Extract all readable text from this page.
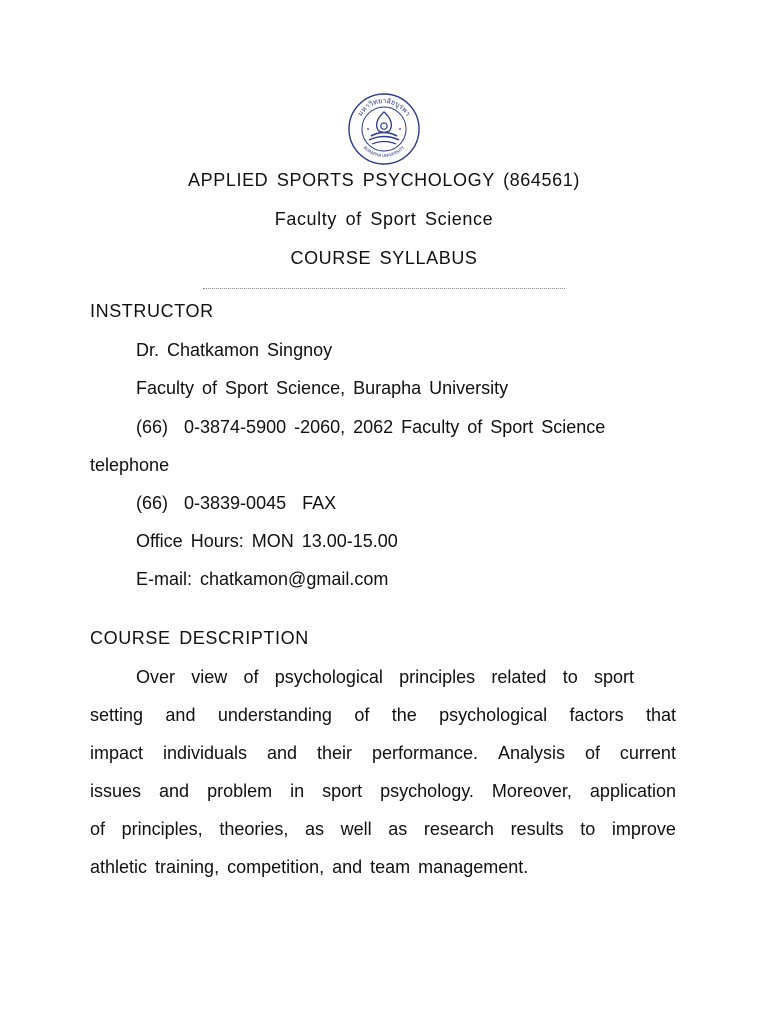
มหาวิทยาลัยบูรพา
BURAPHA UNIVERSITY
APPLIED SPORTS PSYCHOLOGY (864561)
Faculty of Sport Science
COURSE SYLLABUS
INSTRUCTOR
Dr. Chatkamon Singnoy
Faculty of Sport Science, Burapha University
(66)  0-3874-5900 -2060, 2062 Faculty of Sport Science
telephone
(66)  0-3839-0045  FAX
Office Hours: MON 13.00-15.00
E-mail: chatkamon@gmail.com
COURSE DESCRIPTION
Over view of psychological principles related to sport
setting and understanding of the psychological factors that
impact individuals and their performance. Analysis of current
issues and problem in sport psychology. Moreover, application
of principles, theories, as well as research results to improve
athletic training, competition, and team management.
